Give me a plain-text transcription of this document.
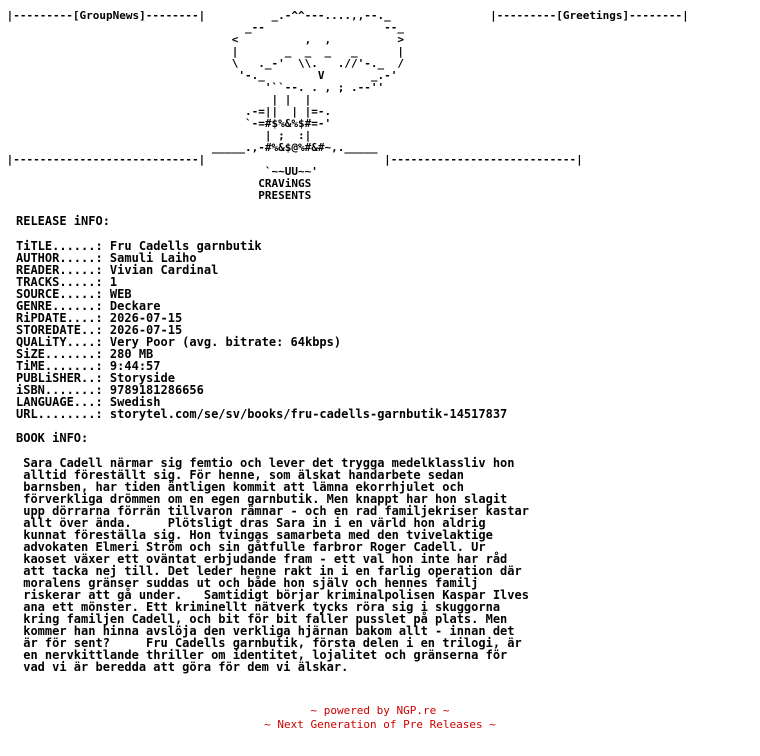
|---------[GroupNews]--------|          _.-^^---....,,--._               |---------[Greetings]--------|
_--                  --_
<          ,  ,          >
|       _  _  _   _      |
\   ._-'  \\.   .//'-._  /
'-._        V       _.-'
'``--. . , ; .--''
| |  |
.-=||  | |=-.
`-=#$%&%$#=-'
| ;  :|
_____.,-#%&$@%#&#~,._____
|----------------------------|                           |----------------------------|
`~~UU~~'
CRAViNGS
PRESENTS
RELEASE iNFO:
TiTLE......: Fru Cadells garnbutik
AUTHOR.....: Samuli Laiho
READER.....: Vivian Cardinal
TRACKS.....: 1
SOURCE.....: WEB
GENRE......: Deckare
RiPDATE....: 2026-07-15
STOREDATE..: 2026-07-15
QUALiTY....: Very Poor (avg. bitrate: 64kbps)
SiZE.......: 280 MB
TiME.......: 9:44:57
PUBLiSHER..: Storyside
iSBN.......: 9789181286656
LANGUAGE...: Swedish
URL........: storytel.com/se/sv/books/fru-cadells-garnbutik-14517837
BOOK iNFO:
Sara Cadell närmar sig femtio och lever det trygga medelklassliv hon
alltid föreställt sig. För henne, som älskat handarbete sedan
barnsben, har tiden äntligen kommit att lämna ekorrhjulet och
förverkliga drömmen om en egen garnbutik. Men knappt har hon slagit
upp dörrarna förrän tillvaron rämnar - och en rad familjekriser kastar
allt över ända.     Plötsligt dras Sara in i en värld hon aldrig
kunnat föreställa sig. Hon tvingas samarbeta med den tvivelaktige
advokaten Elmeri Ström och sin gåtfulle farbror Roger Cadell. Ur
kaoset växer ett oväntat erbjudande fram - ett val hon inte har råd
att tacka nej till. Det leder henne rakt in i en farlig operation där
moralens gränser suddas ut och både hon själv och hennes familj
riskerar att gå under.   Samtidigt börjar kriminalpolisen Kaspar Ilves
ana ett mönster. Ett kriminellt nätverk tycks röra sig i skuggorna
kring familjen Cadell, och bit för bit faller pusslet på plats. Men
kommer han hinna avslöja den verkliga hjärnan bakom allt - innan det
är för sent?     Fru Cadells garnbutik, första delen i en trilogi, är
en nervkittlande thriller om identitet, lojalitet och gränserna för
vad vi är beredda att göra för dem vi älskar.
~ powered by NGP.re ~
~ Next Generation of Pre Releases ~
